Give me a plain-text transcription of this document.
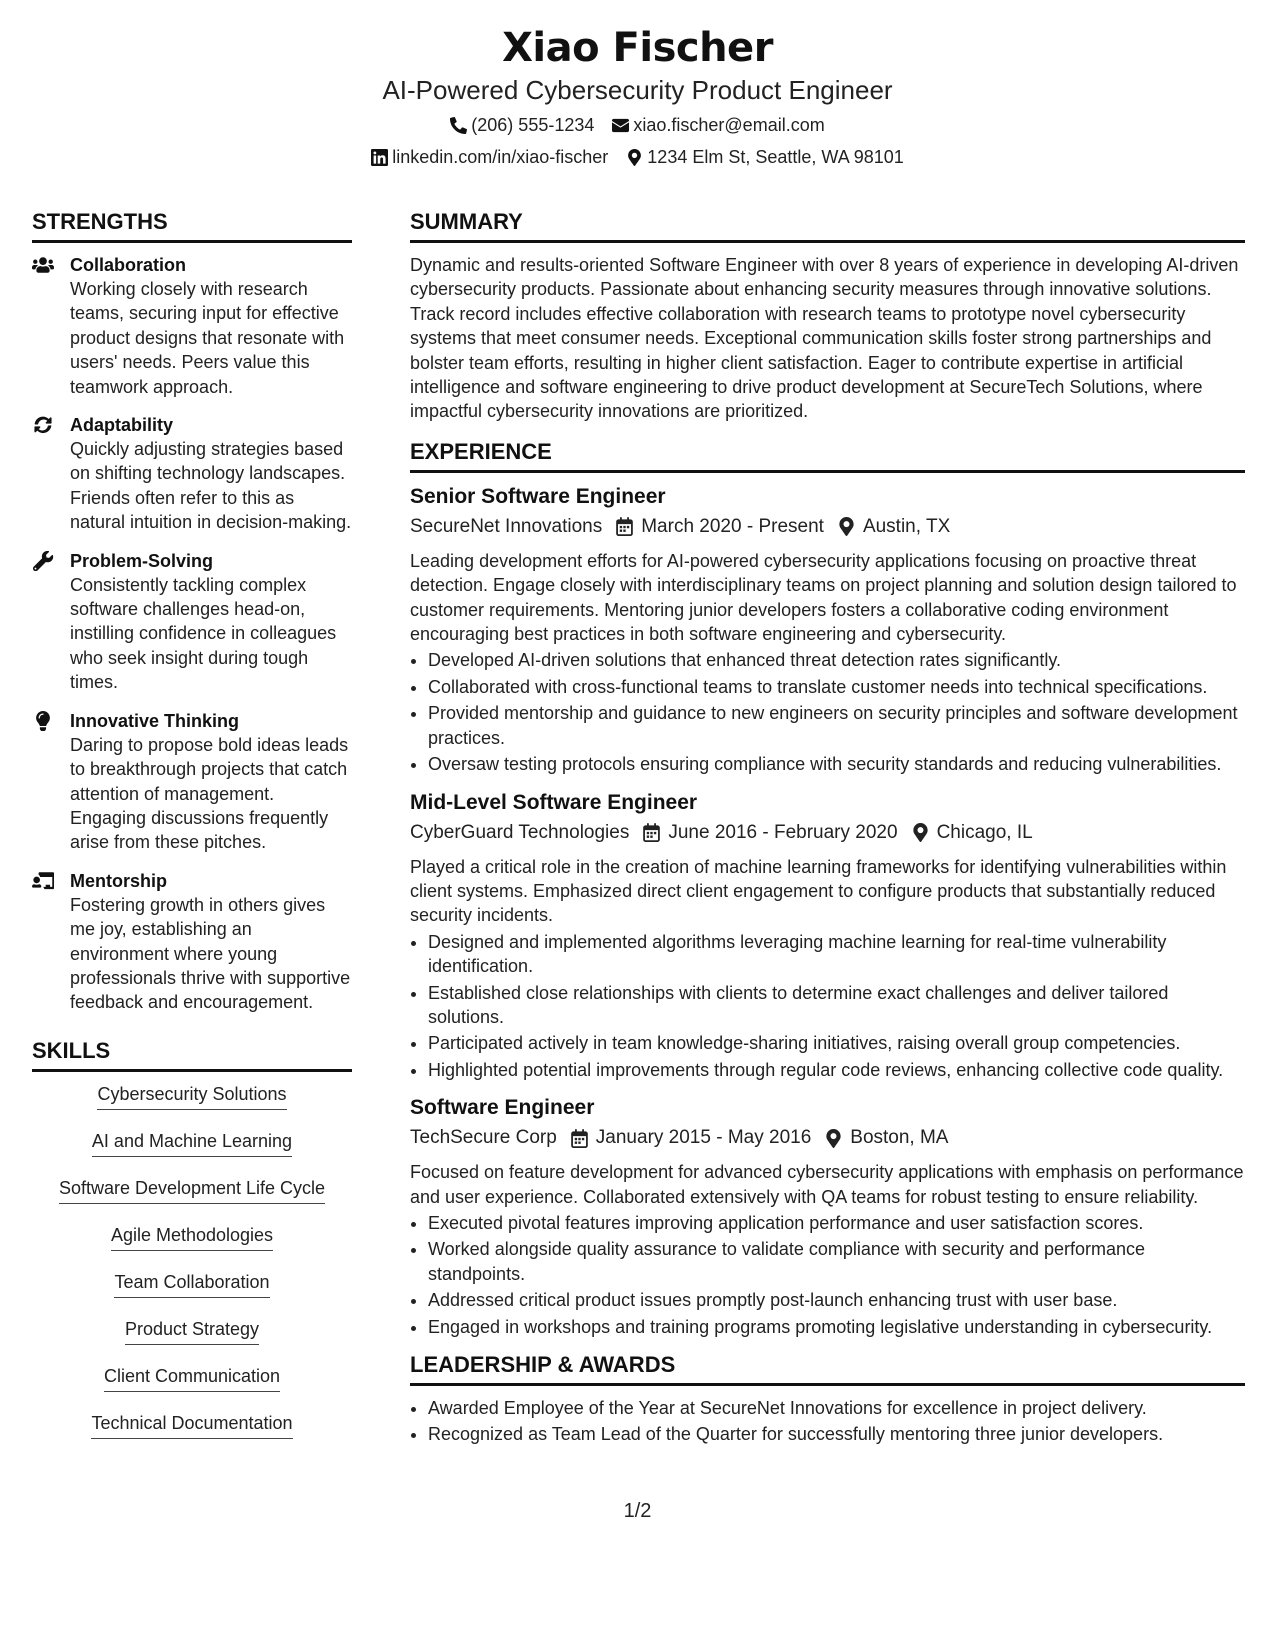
Xiao Fischer
AI-Powered Cybersecurity Product Engineer
(206) 555-1234 xiao.fischer@email.com
linkedin.com/in/xiao-fischer 1234 Elm St, Seattle, WA 98101
STRENGTHS
Collaboration
Working closely with research teams, securing input for effective product designs that resonate with users' needs. Peers value this teamwork approach.
Adaptability
Quickly adjusting strategies based on shifting technology landscapes. Friends often refer to this as natural intuition in decision-making.
Problem-Solving
Consistently tackling complex software challenges head-on, instilling confidence in colleagues who seek insight during tough times.
Innovative Thinking
Daring to propose bold ideas leads to breakthrough projects that catch attention of management. Engaging discussions frequently arise from these pitches.
Mentorship
Fostering growth in others gives me joy, establishing an environment where young professionals thrive with supportive feedback and encouragement.
SKILLS
Cybersecurity Solutions
AI and Machine Learning
Software Development Life Cycle
Agile Methodologies
Team Collaboration
Product Strategy
Client Communication
Technical Documentation
SUMMARY
Dynamic and results-oriented Software Engineer with over 8 years of experience in developing AI-driven cybersecurity products. Passionate about enhancing security measures through innovative solutions. Track record includes effective collaboration with research teams to prototype novel cybersecurity systems that meet consumer needs. Exceptional communication skills foster strong partnerships and bolster team efforts, resulting in higher client satisfaction. Eager to contribute expertise in artificial intelligence and software engineering to drive product development at SecureTech Solutions, where impactful cybersecurity innovations are prioritized.
EXPERIENCE
Senior Software Engineer
SecureNet Innovations March 2020 - Present Austin, TX
Leading development efforts for AI-powered cybersecurity applications focusing on proactive threat detection. Engage closely with interdisciplinary teams on project planning and solution design tailored to customer requirements. Mentoring junior developers fosters a collaborative coding environment encouraging best practices in both software engineering and cybersecurity.
• Developed AI-driven solutions that enhanced threat detection rates significantly.
• Collaborated with cross-functional teams to translate customer needs into technical specifications.
• Provided mentorship and guidance to new engineers on security principles and software development practices.
• Oversaw testing protocols ensuring compliance with security standards and reducing vulnerabilities.
Mid-Level Software Engineer
CyberGuard Technologies June 2016 - February 2020 Chicago, IL
Played a critical role in the creation of machine learning frameworks for identifying vulnerabilities within client systems. Emphasized direct client engagement to configure products that substantially reduced security incidents.
• Designed and implemented algorithms leveraging machine learning for real-time vulnerability identification.
• Established close relationships with clients to determine exact challenges and deliver tailored solutions.
• Participated actively in team knowledge-sharing initiatives, raising overall group competencies.
• Highlighted potential improvements through regular code reviews, enhancing collective code quality.
Software Engineer
TechSecure Corp January 2015 - May 2016 Boston, MA
Focused on feature development for advanced cybersecurity applications with emphasis on performance and user experience. Collaborated extensively with QA teams for robust testing to ensure reliability.
• Executed pivotal features improving application performance and user satisfaction scores.
• Worked alongside quality assurance to validate compliance with security and performance standpoints.
• Addressed critical product issues promptly post-launch enhancing trust with user base.
• Engaged in workshops and training programs promoting legislative understanding in cybersecurity.
LEADERSHIP & AWARDS
• Awarded Employee of the Year at SecureNet Innovations for excellence in project delivery.
• Recognized as Team Lead of the Quarter for successfully mentoring three junior developers.
1/2
